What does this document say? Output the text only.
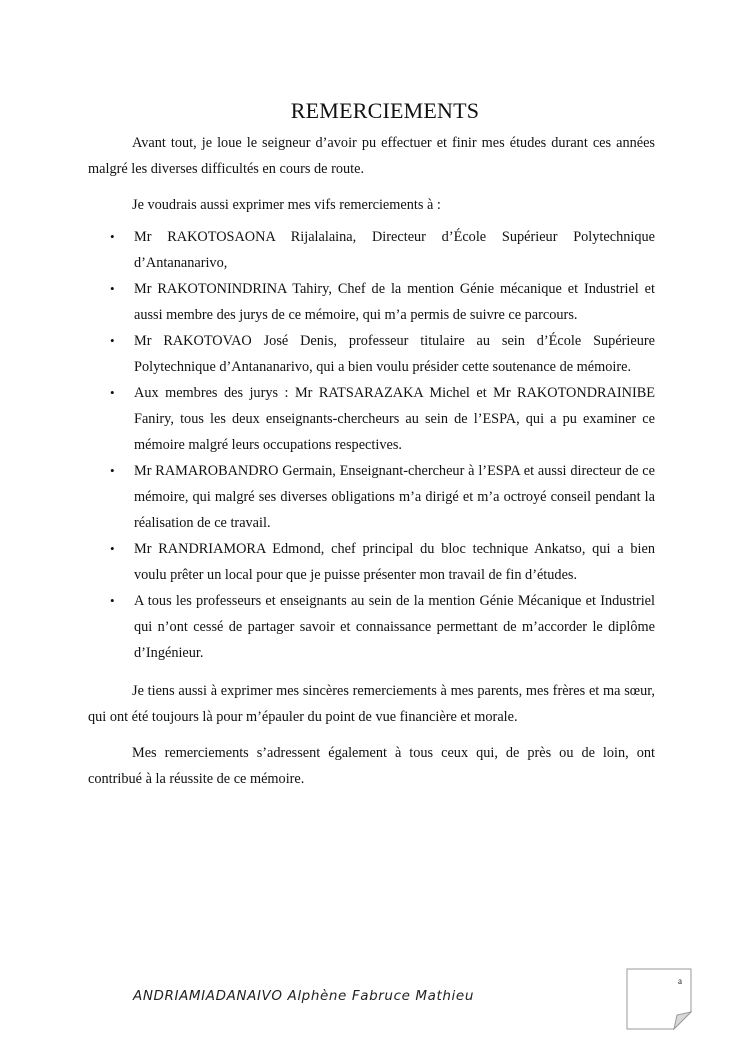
REMERCIEMENTS

Avant tout, je loue le seigneur d’avoir pu effectuer et finir mes études durant ces années malgré les diverses difficultés en cours de route.

Je voudrais aussi exprimer mes vifs remerciements à :

• Mr RAKOTOSAONA Rijalalaina, Directeur d’École Supérieur Polytechnique d’Antananarivo,
• Mr RAKOTONINDRINA Tahiry, Chef de la mention Génie mécanique et Industriel et aussi membre des jurys de ce mémoire, qui m’a permis de suivre ce parcours.
• Mr RAKOTOVAO José Denis, professeur titulaire au sein d’École Supérieure Polytechnique d’Antananarivo, qui a bien voulu présider cette soutenance de mémoire.
• Aux membres des jurys : Mr RATSARAZAKA Michel et Mr RAKOTONDRAINIBE Faniry, tous les deux enseignants-chercheurs au sein de l’ESPA, qui a pu examiner ce mémoire malgré leurs occupations respectives.
• Mr RAMAROBANDRO Germain, Enseignant-chercheur à l’ESPA et aussi directeur de ce mémoire, qui malgré ses diverses obligations m’a dirigé et m’a octroyé conseil pendant la réalisation de ce travail.
• Mr RANDRIAMORA Edmond, chef principal du bloc technique Ankatso, qui a bien voulu prêter un local pour que je puisse présenter mon travail de fin d’études.
• A tous les professeurs et enseignants au sein de la mention Génie Mécanique et Industriel qui n’ont cessé de partager savoir et connaissance permettant de m’accorder le diplôme d’Ingénieur.

Je tiens aussi à exprimer mes sincères remerciements à mes parents, mes frères et ma sœur, qui ont été toujours là pour m’épauler du point de vue financière et morale.

Mes remerciements s’adressent également à tous ceux qui, de près ou de loin, ont contribué à la réussite de ce mémoire.

ANDRIAMIADANAIVO Alphène Fabruce Mathieu
a
